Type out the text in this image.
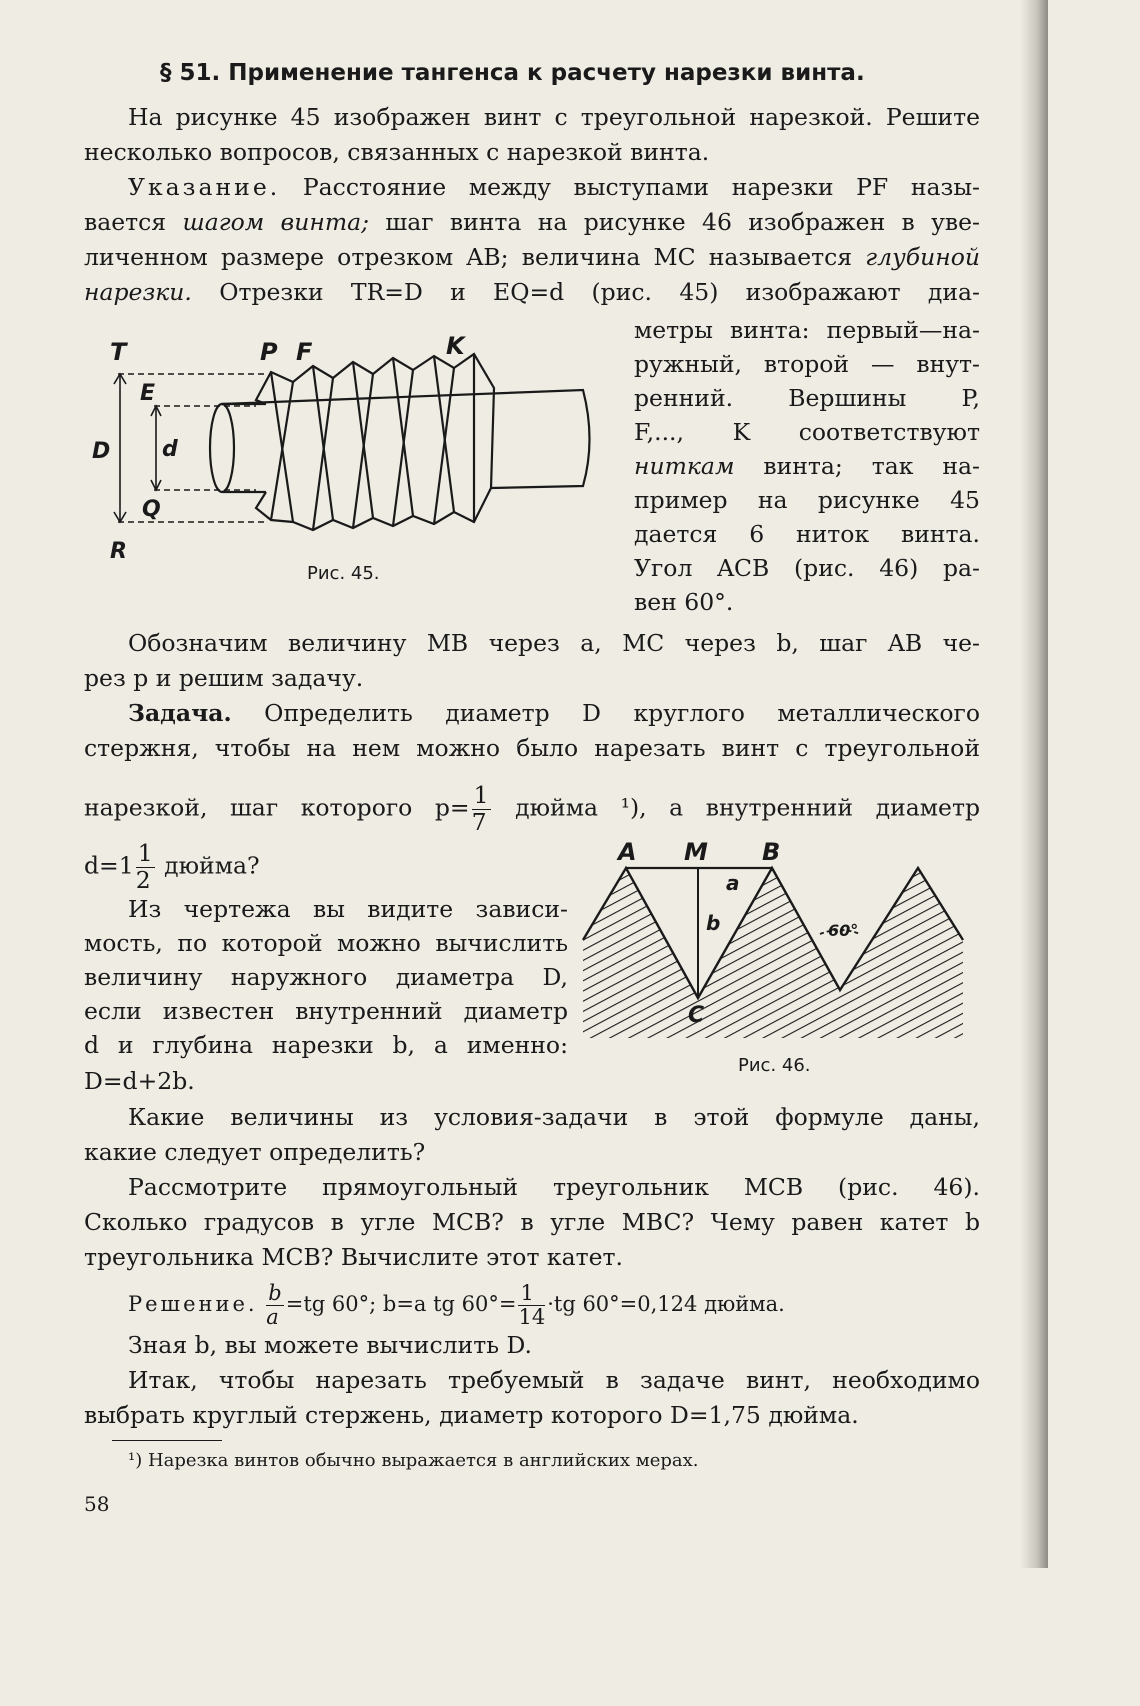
§ 51. Применение тангенса к расчету нарезки винта.
На рисунке 45 изображен винт с треугольной нарезкой. Решите
несколько вопросов, связанных с нарезкой винта.
Указание. Расстояние между выступами нарезки PF назы-
вается шагом винта; шаг винта на рисунке 46 изображен в уве-
личенном размере отрезком AB; величина MC называется глубиной
нарезки. Отрезки TR=D и EQ=d (рис. 45) изображают диа-
метры винта: первый—на-
ружный, второй — внут-
ренний. Вершины P,
F,..., K соответствуют
ниткам винта; так на-
пример на рисунке 45
дается 6 ниток винта.
Угол ACB (рис. 46) ра-
вен 60°.
T	P F	K
E
D d
Q
R
Рис. 45.
Обозначим величину MB через a, MC через b, шаг AB че-
рез p и решим задачу.
Задача. Определить диаметр D круглого металлического
стержня, чтобы на нем можно было нарезать винт с треугольной
нарезкой, шаг которого $p= \frac{1}{7}$ дюйма ¹), а внутренний диаметр
$d=1 \frac{1}{2}$ дюйма?
Из чертежа вы видите зависи-
мость, по которой можно вычислить
величину наружного диаметра D,
если известен внутренний диаметр
d и глубина нарезки b, а именно:
D=d+2b.
A M B
a
b
C
60°
Рис. 46.
Какие величины из условия-задачи в этой формуле даны,
какие следует определить?
Рассмотрите прямоугольный треугольник MCB (рис. 46).
Сколько градусов в угле MCB? в угле MBC? Чему равен катет b
треугольника MCB? Вычислите этот катет.
Решение. $\frac{b}{a} =tg$ 60°; b=a tg $60^\circ= \frac{1}{14} \cdot tg$ 60°=0,124 дюйма.
Зная b, вы можете вычислить D.
Итак, чтобы нарезать требуемый в задаче винт, необходимо
выбрать круглый стержень, диаметр которого D=1,75 дюйма.
¹) Нарезка винтов обычно выражается в английских мерах.
58
